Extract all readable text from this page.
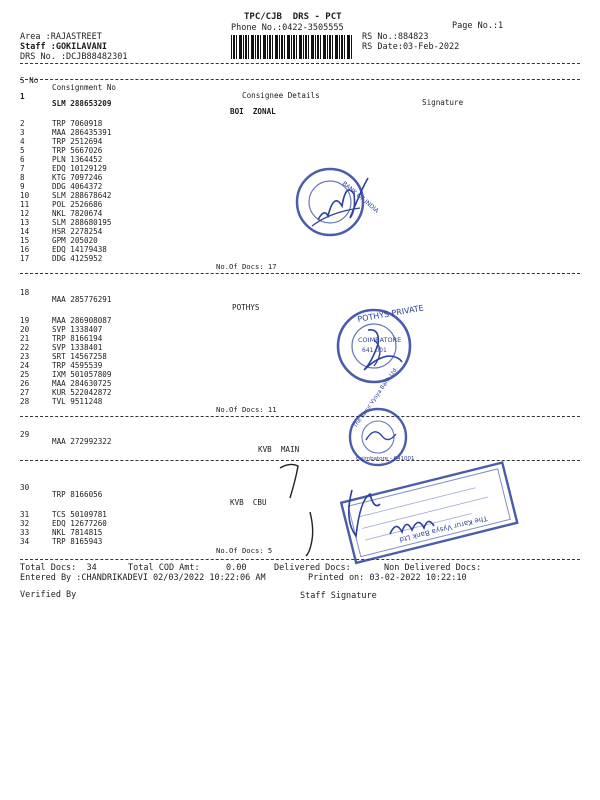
TPC/CJB  DRS - PCT
Phone No.:0422-3505555	Page No.:1
Area :RAJASTREET
Staff :GOKILAVANI
DRS No. :DCJB88482301
RS No.:884823
RS Date:03-Feb-2022

S No

Consignment No

Consignee Details

Signature

1

SLM 288653209

BOI  ZONAL

2	TRP 7060918
3	MAA 286435391
4	TRP 2512694
5	TRP 5667026
6	PLN 1364452
7	EDQ 10129129
8	KTG 7097246
9	DDG 4064372
10	SLM 288678642
11	POL 2526686
12	NKL 7820674
13	SLM 288680195
14	HSR 2278254
15	GPM 205020
16	EDQ 14179438
17	DDG 4125952
No.Of Docs: 17

18

MAA 285776291

POTHYS

19	MAA 286908087
20	SVP 1338407
21	TRP 8166194
22	SVP 1338401
23	SRT 14567258
24	TRP 4595539
25	IXM 501057809
26	MAA 284630725
27	KUR 522042872
28	TVL 9511248
No.Of Docs: 11

29

MAA 272992322

KVB  MAIN

30

TRP 8166056

KVB  CBU

31	TCS 50109781
32	EDQ 12677260
33	NKL 7814815
34	TRP 8165943
No.Of Docs: 5
Total Docs:  34	Total COD Amt:	0.00	Delivered Docs:	Non Delivered Docs:
Entered By :CHANDRIKADEVI 02/03/2022 10:22:06 AM	Printed on: 03-02-2022 10:22:10
Verified By	Staff Signature
BANK OF INDIA
POTHYS PRIVATE
COIMBATORE
641 001
The Karur Vysya Bank Ltd.
Coimbatore - 641001
The Karur Vysya Bank Ltd
